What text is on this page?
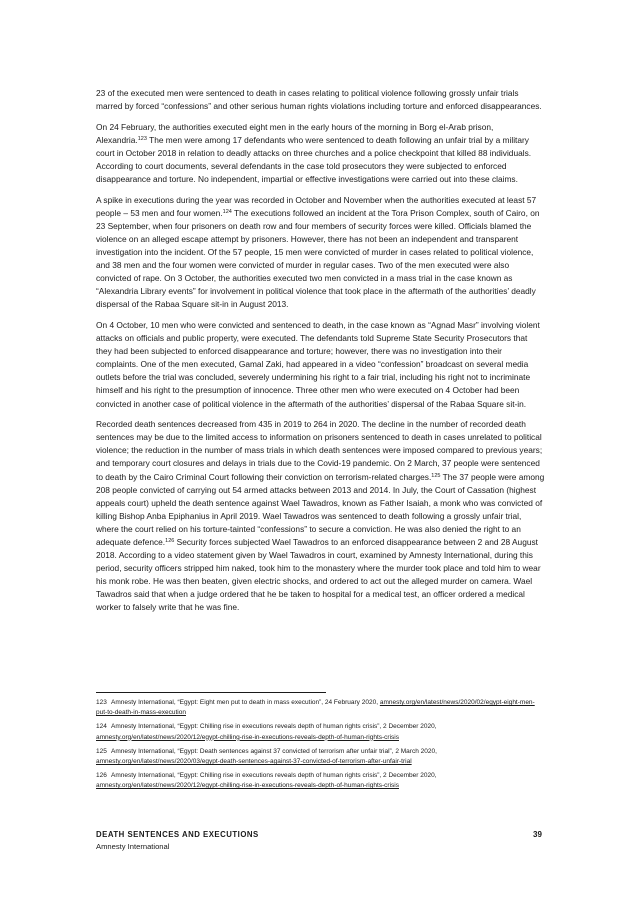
23 of the executed men were sentenced to death in cases relating to political violence following grossly unfair trials marred by forced “confessions” and other serious human rights violations including torture and enforced disappearances.

On 24 February, the authorities executed eight men in the early hours of the morning in Borg el-Arab prison, Alexandria.$^{123}$ The men were among 17 defendants who were sentenced to death following an unfair trial by a military court in October 2018 in relation to deadly attacks on three churches and a police checkpoint that killed 88 individuals. According to court documents, several defendants in the case told prosecutors they were subjected to enforced disappearance and torture. No independent, impartial or effective investigations were carried out into these claims.

A spike in executions during the year was recorded in October and November when the authorities executed at least 57 people – 53 men and four women.$^{124}$ The executions followed an incident at the Tora Prison Complex, south of Cairo, on 23 September, when four prisoners on death row and four members of security forces were killed. Officials blamed the violence on an alleged escape attempt by prisoners. However, there has not been an independent and transparent investigation into the incident. Of the 57 people, 15 men were convicted of murder in cases related to political violence, and 38 men and the four women were convicted of murder in regular cases. Two of the men executed were also convicted of rape. On 3 October, the authorities executed two men convicted in a mass trial in the case known as “Alexandria Library events” for involvement in political violence that took place in the aftermath of the authorities’ deadly dispersal of the Rabaa Square sit-in in August 2013.

On 4 October, 10 men who were convicted and sentenced to death, in the case known as “Agnad Masr” involving violent attacks on officials and public property, were executed. The defendants told Supreme State Security Prosecutors that they had been subjected to enforced disappearance and torture; however, there was no investigation into their complaints. One of the men executed, Gamal Zaki, had appeared in a video “confession” broadcast on several media outlets before the trial was concluded, severely undermining his right to a fair trial, including his right not to incriminate himself and his right to the presumption of innocence. Three other men who were executed on 4 October had been convicted in another case of political violence in the aftermath of the authorities’ dispersal of the Rabaa Square sit-in.

Recorded death sentences decreased from 435 in 2019 to 264 in 2020. The decline in the number of recorded death sentences may be due to the limited access to information on prisoners sentenced to death in cases unrelated to political violence; the reduction in the number of mass trials in which death sentences were imposed compared to previous years; and temporary court closures and delays in trials due to the Covid-19 pandemic. On 2 March, 37 people were sentenced to death by the Cairo Criminal Court following their conviction on terrorism-related charges.$^{125}$ The 37 people were among 208 people convicted of carrying out 54 armed attacks between 2013 and 2014. In July, the Court of Cassation (highest appeals court) upheld the death sentence against Wael Tawadros, known as Father Isaiah, a monk who was convicted of killing Bishop Anba Epiphanius in April 2019. Wael Tawadros was sentenced to death following a grossly unfair trial, where the court relied on his torture-tainted “confessions” to secure a conviction. He was also denied the right to an adequate defence.$^{126}$ Security forces subjected Wael Tawadros to an enforced disappearance between 2 and 28 August 2018. According to a video statement given by Wael Tawadros in court, examined by Amnesty International, during this period, security officers stripped him naked, took him to the monastery where the murder took place and told him to wear his monk robe. He was then beaten, given electric shocks, and ordered to act out the alleged murder on camera. Wael Tawadros said that when a judge ordered that he be taken to hospital for a medical test, an officer ordered a medical worker to falsely write that he was fine.

123 Amnesty International, “Egypt: Eight men put to death in mass execution”, 24 February 2020, amnesty.org/en/latest/news/2020/02/egypt-eight-men-put-to-death-in-mass-execution

124 Amnesty International, “Egypt: Chilling rise in executions reveals depth of human rights crisis”, 2 December 2020, amnesty.org/en/latest/news/2020/12/egypt-chilling-rise-in-executions-reveals-depth-of-human-rights-crisis

125 Amnesty International, “Egypt: Death sentences against 37 convicted of terrorism after unfair trial”, 2 March 2020, amnesty.org/en/latest/news/2020/03/egypt-death-sentences-against-37-convicted-of-terrorism-after-unfair-trial

126 Amnesty International, “Egypt: Chilling rise in executions reveals depth of human rights crisis”, 2 December 2020, amnesty.org/en/latest/news/2020/12/egypt-chilling-rise-in-executions-reveals-depth-of-human-rights-crisis

DEATH SENTENCES AND EXECUTIONS
Amnesty International
39
